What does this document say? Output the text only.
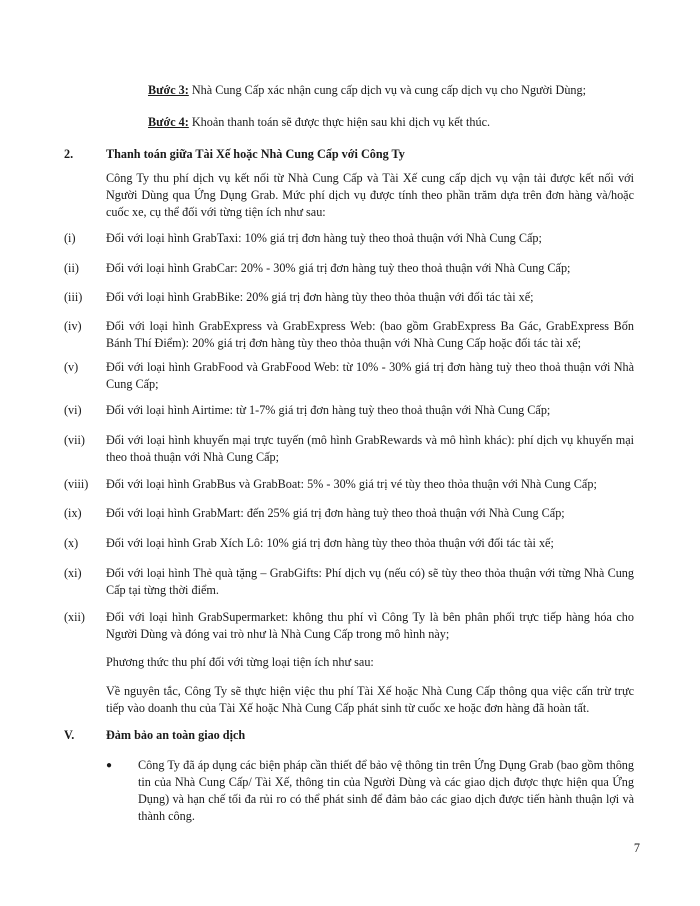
Bước 3: Nhà Cung Cấp xác nhận cung cấp dịch vụ và cung cấp dịch vụ cho Người Dùng;
Bước 4: Khoản thanh toán sẽ được thực hiện sau khi dịch vụ kết thúc.
2.	Thanh toán giữa Tài Xế hoặc Nhà Cung Cấp với Công Ty
Công Ty thu phí dịch vụ kết nối từ Nhà Cung Cấp và Tài Xế cung cấp dịch vụ vận tải được kết nối với Người Dùng qua Ứng Dụng Grab. Mức phí dịch vụ được tính theo phần trăm dựa trên đơn hàng và/hoặc cuốc xe, cụ thể đối với từng tiện ích như sau:
(i) Đối với loại hình GrabTaxi: 10% giá trị đơn hàng tuỳ theo thoả thuận với Nhà Cung Cấp;
(ii) Đối với loại hình GrabCar: 20% - 30% giá trị đơn hàng tuỳ theo thoả thuận với Nhà Cung Cấp;
(iii) Đối với loại hình GrabBike: 20% giá trị đơn hàng tùy theo thỏa thuận với đối tác tài xế;
(iv) Đối với loại hình GrabExpress và GrabExpress Web: (bao gồm GrabExpress Ba Gác, GrabExpress Bốn Bánh Thí Điểm): 20% giá trị đơn hàng tùy theo thỏa thuận với Nhà Cung Cấp hoặc đối tác tài xế;
(v) Đối với loại hình GrabFood và GrabFood Web: từ 10% - 30% giá trị đơn hàng tuỳ theo thoả thuận với Nhà Cung Cấp;
(vi) Đối với loại hình Airtime: từ 1-7% giá trị đơn hàng tuỳ theo thoả thuận với Nhà Cung Cấp;
(vii) Đối với loại hình khuyến mại trực tuyến (mô hình GrabRewards và mô hình khác): phí dịch vụ khuyến mại theo thoả thuận với Nhà Cung Cấp;
(viii) Đối với loại hình GrabBus và GrabBoat: 5% - 30% giá trị vé tùy theo thỏa thuận với Nhà Cung Cấp;
(ix) Đối với loại hình GrabMart: đến 25% giá trị đơn hàng tuỳ theo thoả thuận với Nhà Cung Cấp;
(x) Đối với loại hình Grab Xích Lô: 10% giá trị đơn hàng tùy theo thỏa thuận với đối tác tài xế;
(xi) Đối với loại hình Thẻ quà tặng – GrabGifts: Phí dịch vụ (nếu có) sẽ tùy theo thỏa thuận với từng Nhà Cung Cấp tại từng thời điểm.
(xii) Đối với loại hình GrabSupermarket: không thu phí vì Công Ty là bên phân phối trực tiếp hàng hóa cho Người Dùng và đóng vai trò như là Nhà Cung Cấp trong mô hình này;
Phương thức thu phí đối với từng loại tiện ích như sau:
Về nguyên tắc, Công Ty sẽ thực hiện việc thu phí Tài Xế hoặc Nhà Cung Cấp thông qua việc cấn trừ trực tiếp vào doanh thu của Tài Xế hoặc Nhà Cung Cấp phát sinh từ cuốc xe hoặc đơn hàng đã hoàn tất.
V.	Đảm bảo an toàn giao dịch
● Công Ty đã áp dụng các biện pháp cần thiết để bảo vệ thông tin trên Ứng Dụng Grab (bao gồm thông tin của Nhà Cung Cấp/ Tài Xế, thông tin của Người Dùng và các giao dịch được thực hiện qua Ứng Dụng) và hạn chế tối đa rủi ro có thể phát sinh để đảm bảo các giao dịch được tiến hành thuận lợi và thành công.
7
